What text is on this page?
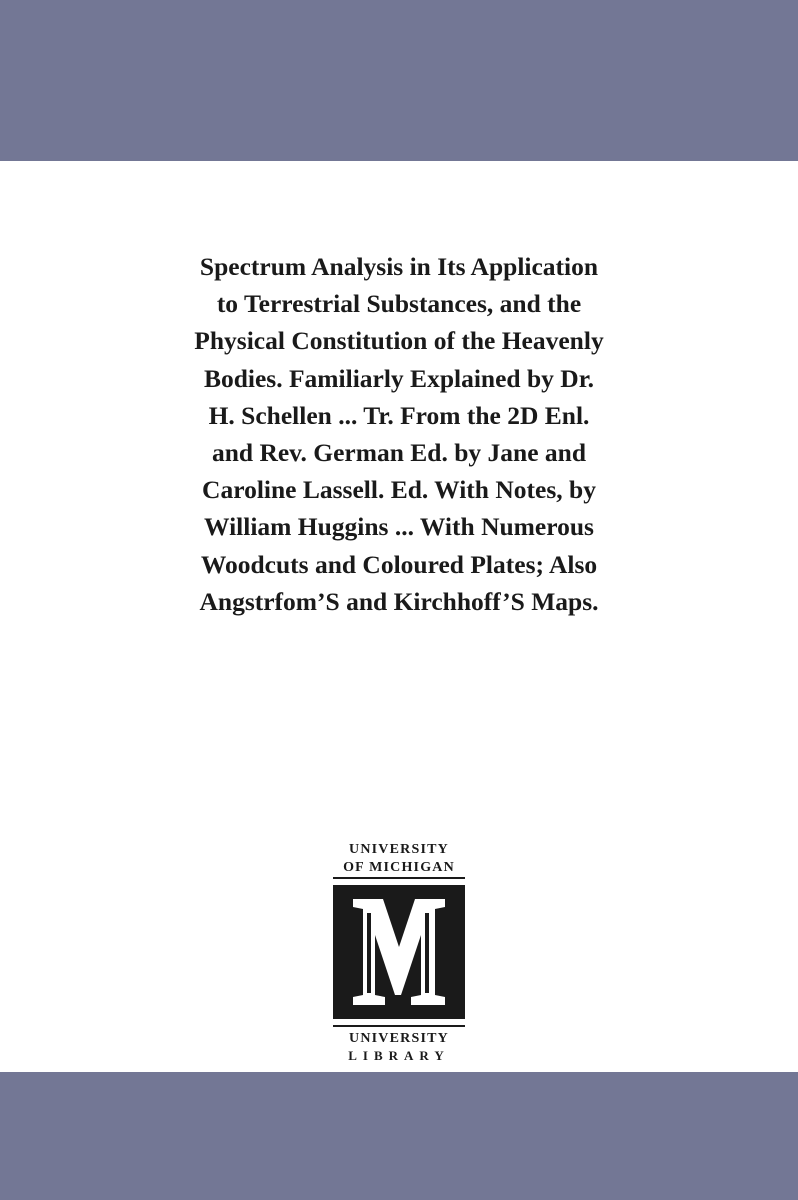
Spectrum Analysis in Its Application
to Terrestrial Substances, and the
Physical Constitution of the Heavenly
Bodies. Familiarly Explained by Dr.
H. Schellen ... Tr. From the 2D Enl.
and Rev. German Ed. by Jane and
Caroline Lassell. Ed. With Notes, by
William Huggins ... With Numerous
Woodcuts and Coloured Plates; Also
Angstrfom’S and Kirchhoff’S Maps.

UNIVERSITY
OF MICHIGAN
UNIVERSITY
LIBRARY
